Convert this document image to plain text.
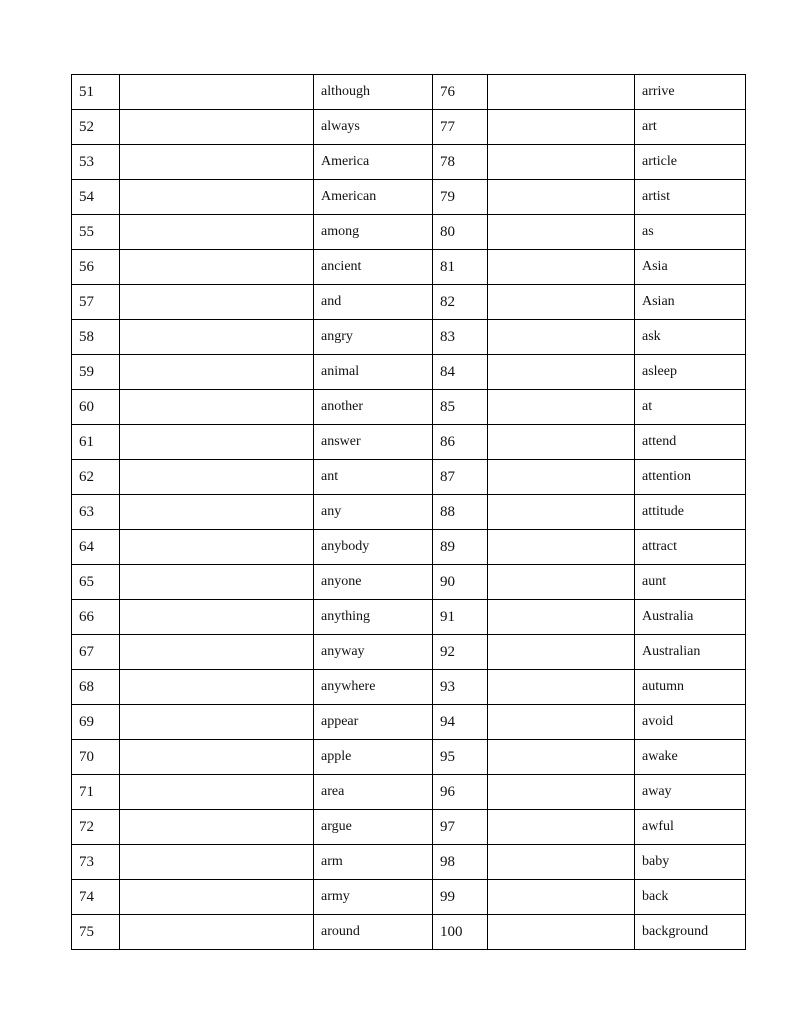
51		although	76		arrive
52		always	77		art
53		America	78		article
54		American	79		artist
55		among	80		as
56		ancient	81		Asia
57		and	82		Asian
58		angry	83		ask
59		animal	84		asleep
60		another	85		at
61		answer	86		attend
62		ant	87		attention
63		any	88		attitude
64		anybody	89		attract
65		anyone	90		aunt
66		anything	91		Australia
67		anyway	92		Australian
68		anywhere	93		autumn
69		appear	94		avoid
70		apple	95		awake
71		area	96		away
72		argue	97		awful
73		arm	98		baby
74		army	99		back
75		around	100		background
